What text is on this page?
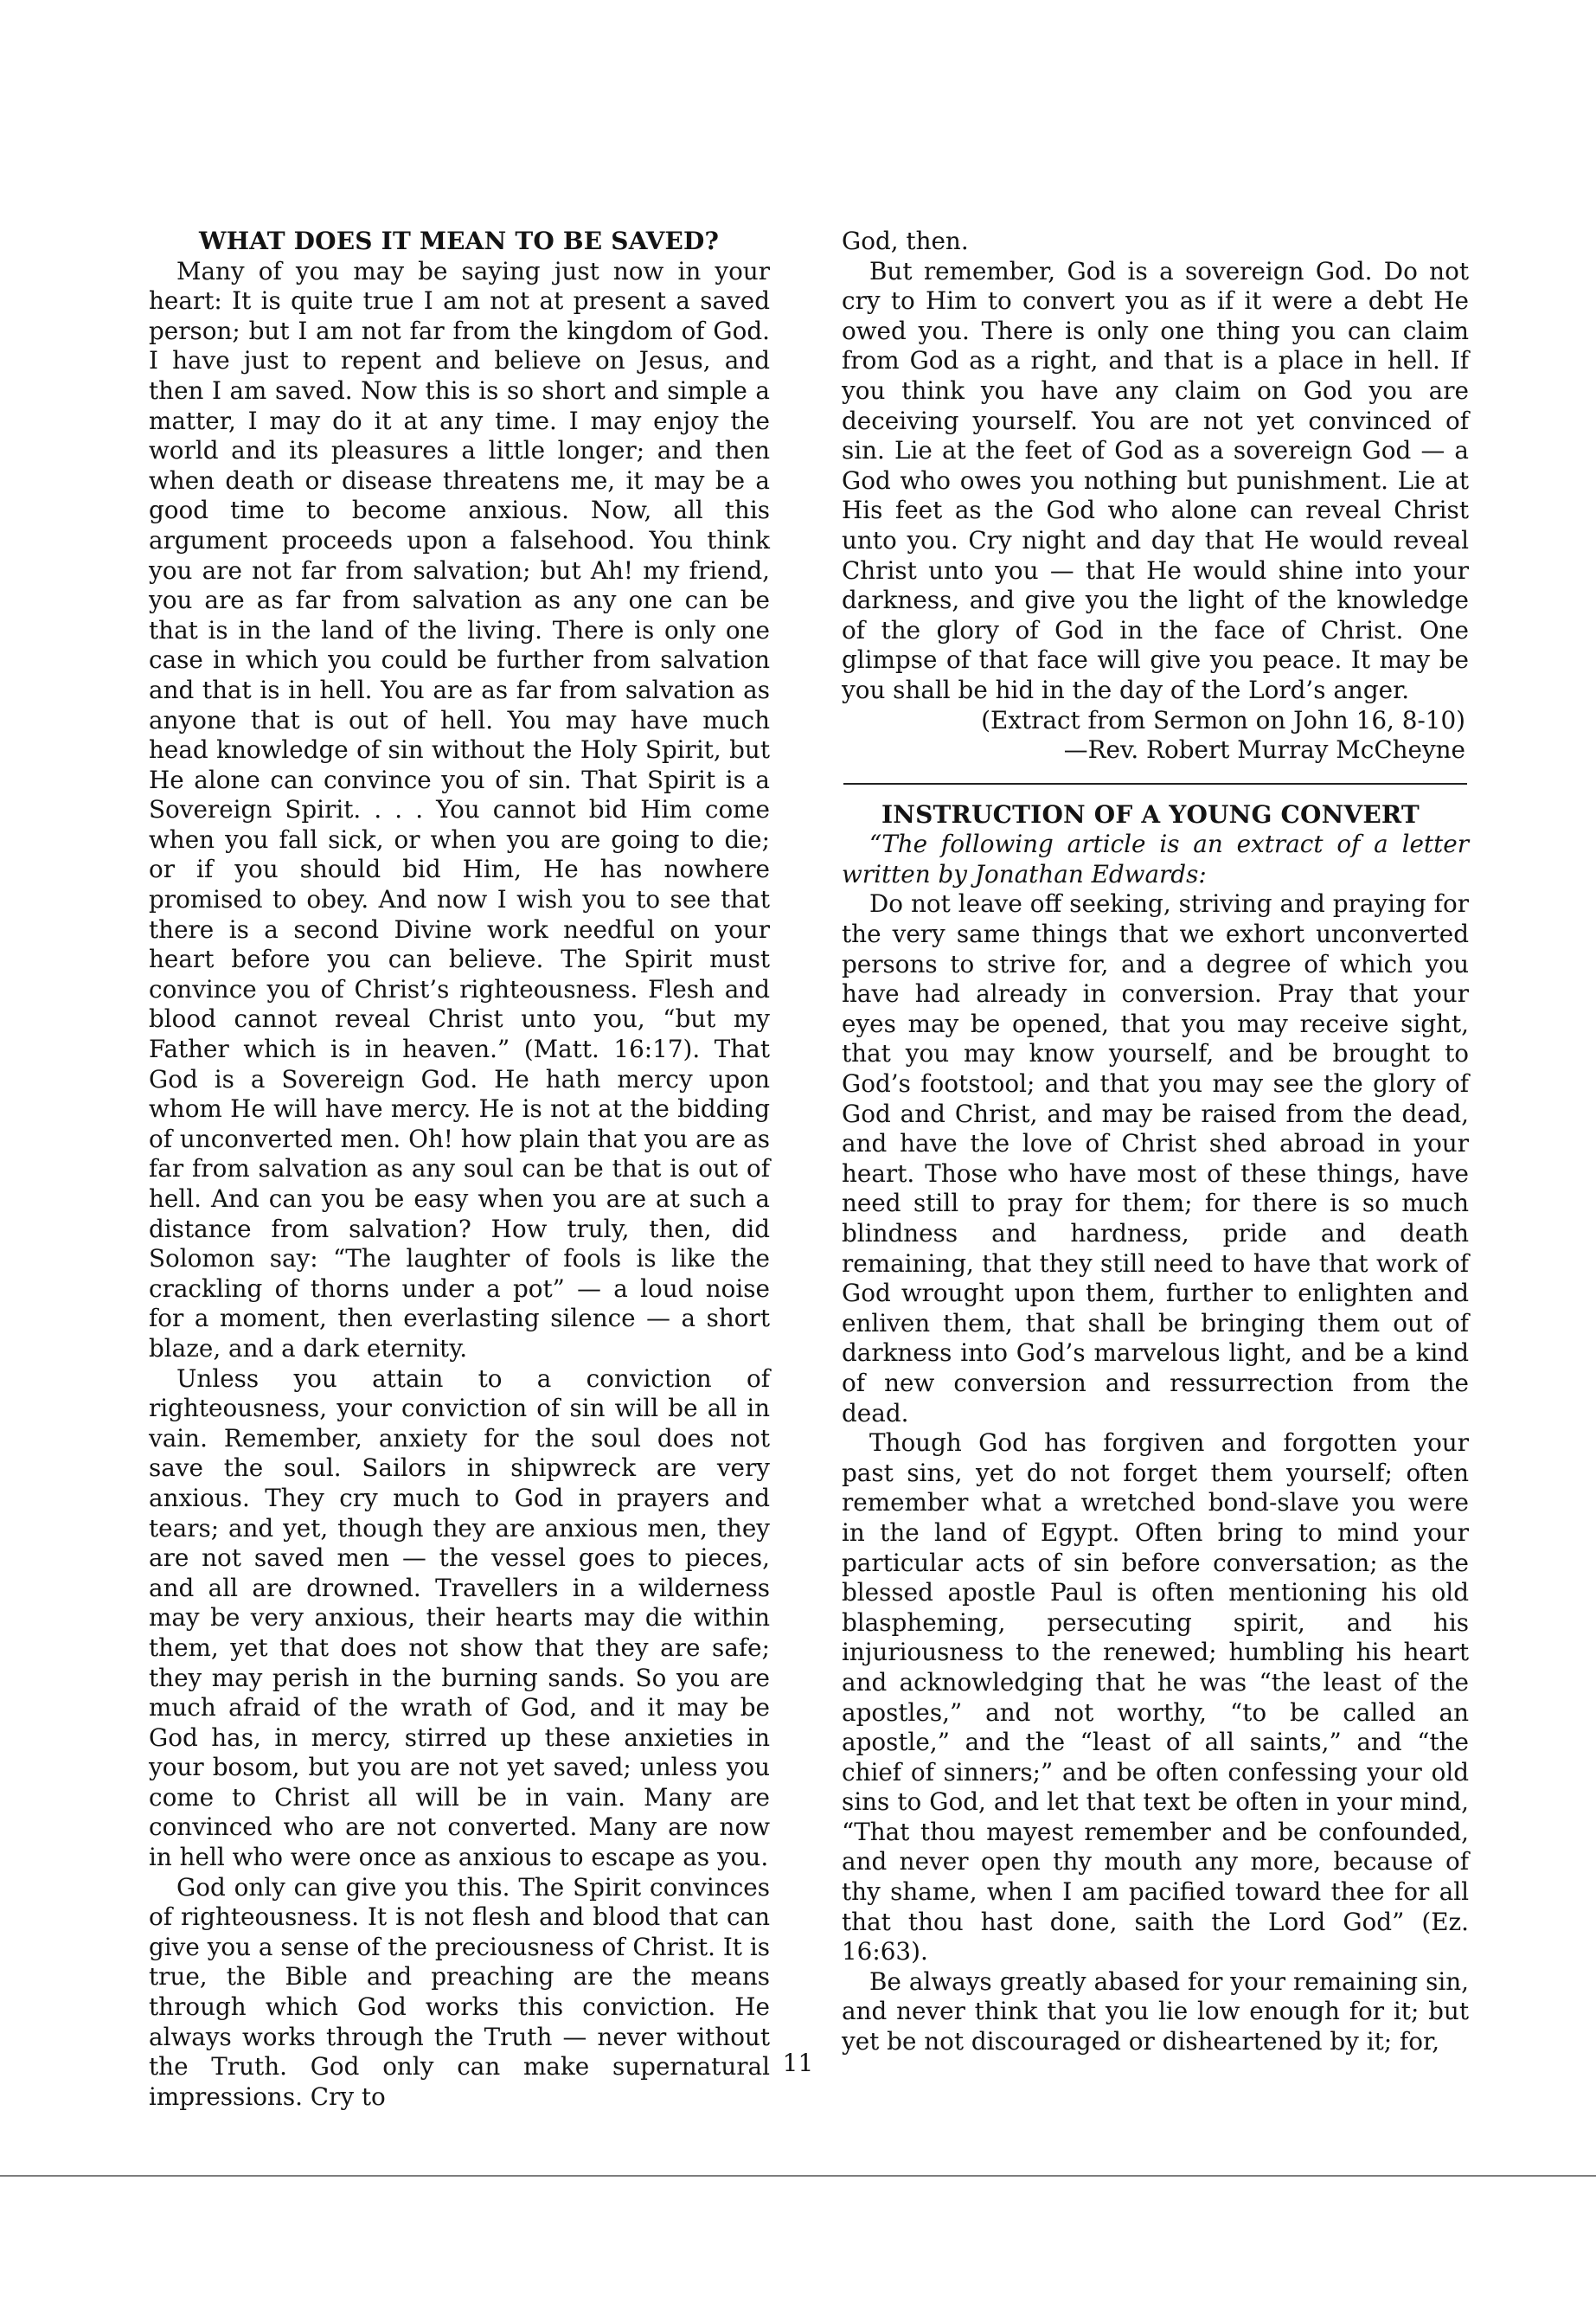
WHAT DOES IT MEAN TO BE SAVED?

Many of you may be saying just now in your heart: It is quite true I am not at present a saved person; but I am not far from the kingdom of God. I have just to repent and believe on Jesus, and then I am saved. Now this is so short and simple a matter, I may do it at any time. I may enjoy the world and its pleasures a little longer; and then when death or disease threatens me, it may be a good time to become anxious. Now, all this argument proceeds upon a falsehood. You think you are not far from salvation; but Ah! my friend, you are as far from salvation as any one can be that is in the land of the living. There is only one case in which you could be further from salvation and that is in hell. You are as far from salvation as anyone that is out of hell. You may have much head knowledge of sin without the Holy Spirit, but He alone can convince you of sin. That Spirit is a Sovereign Spirit. . . . You cannot bid Him come when you fall sick, or when you are going to die; or if you should bid Him, He has nowhere promised to obey. And now I wish you to see that there is a second Divine work needful on your heart before you can believe. The Spirit must convince you of Christ’s righteousness. Flesh and blood cannot reveal Christ unto you, “but my Father which is in heaven.” (Matt. 16:17). That God is a Sovereign God. He hath mercy upon whom He will have mercy. He is not at the bidding of unconverted men. Oh! how plain that you are as far from salvation as any soul can be that is out of hell. And can you be easy when you are at such a distance from salvation? How truly, then, did Solomon say: “The laughter of fools is like the crackling of thorns under a pot” — a loud noise for a moment, then everlasting silence — a short blaze, and a dark eternity.

Unless you attain to a conviction of righteousness, your conviction of sin will be all in vain. Remember, anxiety for the soul does not save the soul. Sailors in shipwreck are very anxious. They cry much to God in prayers and tears; and yet, though they are anxious men, they are not saved men — the vessel goes to pieces, and all are drowned. Travellers in a wilderness may be very anxious, their hearts may die within them, yet that does not show that they are safe; they may perish in the burning sands. So you are much afraid of the wrath of God, and it may be God has, in mercy, stirred up these anxieties in your bosom, but you are not yet saved; unless you come to Christ all will be in vain. Many are convinced who are not converted. Many are now in hell who were once as anxious to escape as you.

God only can give you this. The Spirit convinces of righteousness. It is not flesh and blood that can give you a sense of the preciousness of Christ. It is true, the Bible and preaching are the means through which God works this conviction. He always works through the Truth — never without the Truth. God only can make supernatural impressions. Cry to

God, then.

But remember, God is a sovereign God. Do not cry to Him to convert you as if it were a debt He owed you. There is only one thing you can claim from God as a right, and that is a place in hell. If you think you have any claim on God you are deceiving yourself. You are not yet convinced of sin. Lie at the feet of God as a sovereign God — a God who owes you nothing but punishment. Lie at His feet as the God who alone can reveal Christ unto you. Cry night and day that He would reveal Christ unto you — that He would shine into your darkness, and give you the light of the knowledge of the glory of God in the face of Christ. One glimpse of that face will give you peace. It may be you shall be hid in the day of the Lord’s anger.

(Extract from Sermon on John 16, 8-10)

—Rev. Robert Murray McCheyne

INSTRUCTION OF A YOUNG CONVERT

“The following article is an extract of a letter written by Jonathan Edwards:

Do not leave off seeking, striving and praying for the very same things that we exhort unconverted persons to strive for, and a degree of which you have had already in conversion. Pray that your eyes may be opened, that you may receive sight, that you may know yourself, and be brought to God’s footstool; and that you may see the glory of God and Christ, and may be raised from the dead, and have the love of Christ shed abroad in your heart. Those who have most of these things, have need still to pray for them; for there is so much blindness and hardness, pride and death remaining, that they still need to have that work of God wrought upon them, further to enlighten and enliven them, that shall be bringing them out of darkness into God’s marvelous light, and be a kind of new conversion and ressurrection from the dead.

Though God has forgiven and forgotten your past sins, yet do not forget them yourself; often remember what a wretched bond-slave you were in the land of Egypt. Often bring to mind your particular acts of sin before conversation; as the blessed apostle Paul is often mentioning his old blaspheming, persecuting spirit, and his injuriousness to the renewed; humbling his heart and acknowledging that he was “the least of the apostles,” and not worthy, “to be called an apostle,” and the “least of all saints,” and “the chief of sinners;” and be often confessing your old sins to God, and let that text be often in your mind, “That thou mayest remember and be confounded, and never open thy mouth any more, because of thy shame, when I am pacified toward thee for all that thou hast done, saith the Lord God” (Ez. 16:63).

Be always greatly abased for your remaining sin, and never think that you lie low enough for it; but yet be not discouraged or disheartened by it; for,

11
